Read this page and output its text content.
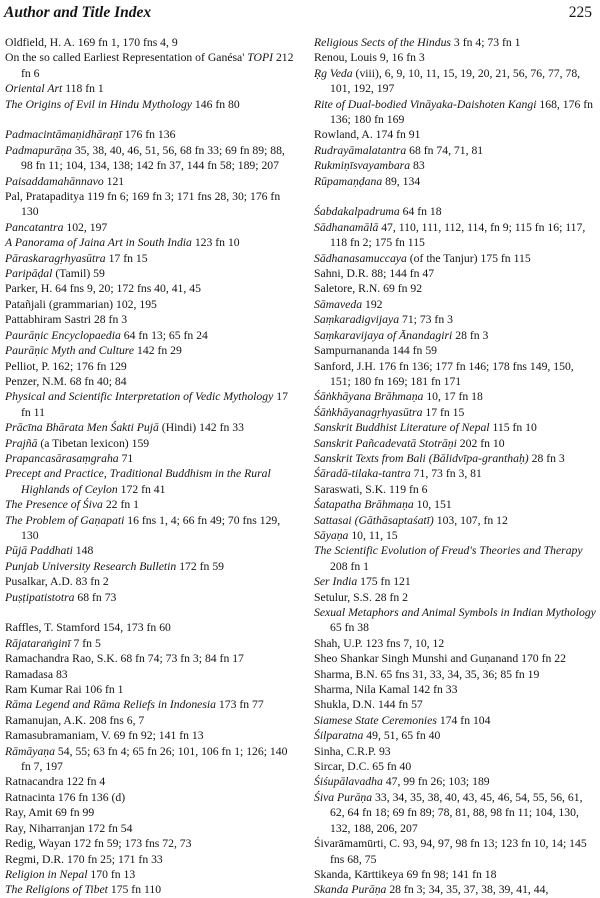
Author and Title Index	225
Oldfield, H. A. 169 fn 1, 170 fns 4, 9
On the so called Earliest Representation of Ganésa' TOPI 212 fn 6
Oriental Art 118 fn 1
The Origins of Evil in Hindu Mythology 146 fn 80
Padmacintāmaṇidhāraṇī 176 fn 136
Padmapurāṇa 35, 38, 40, 46, 51, 56, 68 fn 33; 69 fn 89; 88, 98 fn 11; 104, 134, 138; 142 fn 37, 144 fn 58; 189; 207
Paisaddamahānnavo 121
Pal, Pratapaditya 119 fn 6; 169 fn 3; 171 fns 28, 30; 176 fn 130
Pancatantra 102, 197
A Panorama of Jaina Art in South India 123 fn 10
Pāraskaragṛhyasūtra 17 fn 15
Paripāḍal (Tamil) 59
Parker, H. 64 fns 9, 20; 172 fns 40, 41, 45
Patañjali (grammarian) 102, 195
Pattabhiram Sastri 28 fn 3
Paurāṇic Encyclopaedia 64 fn 13; 65 fn 24
Paurāṇic Myth and Culture 142 fn 29
Pelliot, P. 162; 176 fn 129
Penzer, N.M. 68 fn 40; 84
Physical and Scientific Interpretation of Vedic Mythology 17 fn 11
Prācīna Bhārata Men Śakti Pujā (Hindi) 142 fn 33
Prajñā (a Tibetan lexicon) 159
Prapancasārasaṃgraha 71
Precept and Practice, Traditional Buddhism in the Rural Highlands of Ceylon 172 fn 41
The Presence of Śiva 22 fn 1
The Problem of Gaṇapati 16 fns 1, 4; 66 fn 49; 70 fns 129, 130
Pūjā Paddhati 148
Punjab University Research Bulletin 172 fn 59
Pusalkar, A.D. 83 fn 2
Puṣṭipatistotra 68 fn 73
Raffles, T. Stamford 154, 173 fn 60
Rājataraṅginī 7 fn 5
Ramachandra Rao, S.K. 68 fn 74; 73 fn 3; 84 fn 17
Ramadasa 83
Ram Kumar Rai 106 fn 1
Rāma Legend and Rāma Reliefs in Indonesia 173 fn 77
Ramanujan, A.K. 208 fns 6, 7
Ramasubramaniam, V. 69 fn 92; 141 fn 13
Rāmāyaṇa 54, 55; 63 fn 4; 65 fn 26; 101, 106 fn 1; 126; 140 fn 7, 197
Ratnacandra 122 fn 4
Ratnacinta 176 fn 136 (d)
Ray, Amit 69 fn 99
Ray, Niharranjan 172 fn 54
Redig, Wayan 172 fn 59; 173 fns 72, 73
Regmi, D.R. 170 fn 25; 171 fn 33
Religion in Nepal 170 fn 13
The Religions of Tibet 175 fn 110
Religious Sects of the Hindus 3 fn 4; 73 fn 1
Renou, Louis 9, 16 fn 3
Ṛg Veda (viii), 6, 9, 10, 11, 15, 19, 20, 21, 56, 76, 77, 78, 101, 192, 197
Rite of Dual-bodied Vināyaka-Daishoten Kangi 168, 176 fn 136; 180 fn 169
Rowland, A. 174 fn 91
Rudrayāmalatantra 68 fn 74, 71, 81
Rukmiṇīsvayambara 83
Rūpamaṇḍana 89, 134
Śabdakalpadruma 64 fn 18
Sādhanamālā 47, 110, 111, 112, 114, fn 9; 115 fn 16; 117, 118 fn 2; 175 fn 115
Sādhanasamuccaya (of the Tanjur) 175 fn 115
Sahni, D.R. 88; 144 fn 47
Saletore, R.N. 69 fn 92
Sāmaveda 192
Saṃkaradigvijaya 71; 73 fn 3
Saṃkaravijaya of Ānandagiri 28 fn 3
Sampurnananda 144 fn 59
Sanford, J.H. 176 fn 136; 177 fn 146; 178 fns 149, 150, 151; 180 fn 169; 181 fn 171
Śāṅkhāyana Brāhmaṇa 10, 17 fn 18
Śāṅkhāyanagṛhyasūtra 17 fn 15
Sanskrit Buddhist Literature of Nepal 115 fn 10
Sanskrit Pañcadevatā Stotrāṇi 202 fn 10
Sanskrit Texts from Bali (Bālidvīpa-granthaḥ) 28 fn 3
Śāradā-tilaka-tantra 71, 73 fn 3, 81
Saraswati, S.K. 119 fn 6
Śatapatha Brāhmaṇa 10, 151
Sattasai (Gāthāsaptaśatī) 103, 107, fn 12
Sāyaṇa 10, 11, 15
The Scientific Evolution of Freud's Theories and Therapy 208 fn 1
Ser India 175 fn 121
Setulur, S.S. 28 fn 2
Sexual Metaphors and Animal Symbols in Indian Mythology 65 fn 38
Shah, U.P. 123 fns 7, 10, 12
Sheo Shankar Singh Munshi and Guṇanand 170 fn 22
Sharma, B.N. 65 fns 31, 33, 34, 35, 36; 85 fn 19
Sharma, Nila Kamal 142 fn 33
Shukla, D.N. 144 fn 57
Siamese State Ceremonies 174 fn 104
Śilparatna 49, 51, 65 fn 40
Sinha, C.R.P. 93
Sircar, D.C. 65 fn 40
Śiśupālavadha 47, 99 fn 26; 103; 189
Śiva Purāṇa 33, 34, 35, 38, 40, 43, 45, 46, 54, 55, 56, 61, 62, 64 fn 18; 69 fn 89; 78, 81, 88, 98 fn 11; 104, 130, 132, 188, 206, 207
Śivarāmamūrti, C. 93, 94, 97, 98 fn 13; 123 fn 10, 14; 145 fns 68, 75
Skanda, Kārttikeya 69 fn 98; 141 fn 18
Skanda Purāṇa 28 fn 3; 34, 35, 37, 38, 39, 41, 44,
